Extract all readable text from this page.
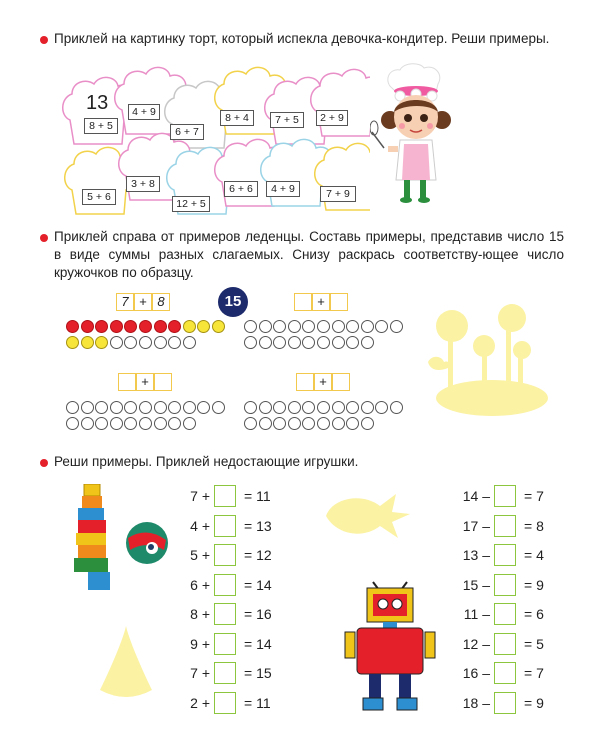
Приклей на картинку торт, который испекла девочка-кондитер. Реши примеры.
13
8 + 5
4 + 9
6 + 7
8 + 4	7 + 5	2 + 9
5 + 6
3 + 8
12 + 5
6 + 6	4 + 9	7 + 9
Приклей справа от примеров леденцы. Составь примеры, представив число 15 в виде суммы разных слагаемых. Снизу раскрась соответству-ющее число кружочков по образцу.
7 + 8	15	+
+	+
Реши примеры. Приклей недостающие игрушки.
7 + = 11
4 + = 13
5 + = 12
6 + = 14
8 + = 16
9 + = 14
7 + = 15
2 + = 11
14 – = 7
17 – = 8
13 – = 4
15 – = 9
11 – = 6
12 – = 5
16 – = 7
18 – = 9
